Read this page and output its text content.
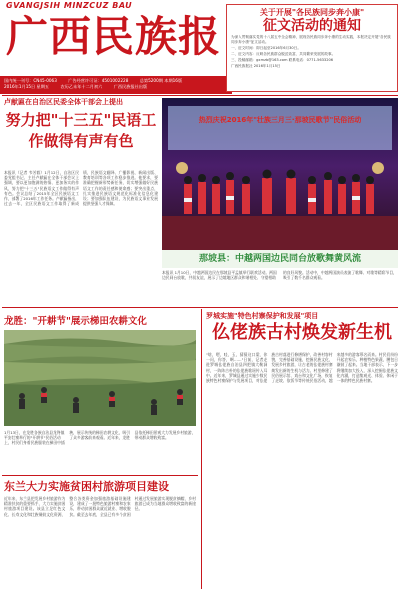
GVANGJSIH MINZCUZ BAU
广西民族报
国内统一刊号：CN45-0063	广告经营许可证：4501002228	总第5200期 本期16版
2016年1月15日 星期五	农历乙未年十二月初六	广西民族报社出版
关于开展"各民族同步奔小康"
征文活动的通知

为深入贯彻落实党的十八届五中全会精神，展现各民族同步奔小康的生动实践，本报决定开展"各民族同步奔小康"征文活动。

一、征文时间：即日起至2016年6月30日。

二、征文内容：反映各民族群众脱贫致富、共同繁荣发展的故事。

三、投稿邮箱：gxmzb@163.com 联系电话：0771-5633206

广西民族报社 2016年1月15日

卢献匾在自治区民委全体干部会上提出
努力把"十三五"民语工作做得有声有色
本报讯（记者 韦芳毅）1月12日，自治区民委党组书记、主任卢献匾在全体干部会议上强调，要以更加饱满的热情、更加务实的作风，努力把"十三五"民族语文工作做得有声有色。会议总结了2015年全区民族语文工作，部署了2016年工作任务。卢献匾指出，过去一年，全区民族语文工作取得了新成绩，民族语文翻译、广播影视、新闻出版、教育培训等各项工作稳步推进。他要求，要准确把握新形势新任务，切实增强做好民族语文工作的责任感和使命感；要突出重点，扎实推进民族语文规范化标准化信息化建设；要加强队伍建设，为民族语文事业发展提供坚强人才保障。
热烈庆祝2016年"壮族三月三·那坡民歌节"民俗活动
那坡县：中越两国边民同台放歌舞黄风流
本报讯 1月10日，中越两国边民在那坡县平孟镇举行联欢活动。两国边民同台放歌，共叙友谊，展示了边境地区群众和谐相处、守望相助的良好风貌。活动中，中越两国演员表演了歌舞、对歌等精彩节目，吸引了数千名群众观看。
龙胜："开耕节"展示梯田农耕文化
1月13日，在龙胜各族自治县龙脊镇平安壮寨举行的"开耕节"民俗活动上，村民们身着民族服装在梯田中插秧，展示传统的梯田农耕文化，吸引了众多游客前来观看。近年来，龙胜县依托梯田景观大力发展乡村旅游，带动群众增收致富。
罗城实施"特色村寨保护和发展"项目
仫佬族古村焕发新生机
"啥，嗯，哇，玉，猜猜这口梁，你一问，你答，啊……"日前，记者走进罗城仫佬族自治县四把镇大勒洞村，一阵阵古朴的仫佬族歌谣传入耳中。近年来，罗城县通过实施少数民族特色村寨保护与发展项目，对仫佬族古村落进行修缮保护，改善村容村貌，完善基础设施，挖掘民族文化，发展乡村旅游，让古老的仫佬族村寨焕发出新的生机与活力。村里修建了民俗展示馆、戏台和文化广场，恢复了走坡、依饭节等传统民俗活动，越来越多的游客慕名而来。村民们纷纷开起农家乐，种植特色果蔬，腰包日渐鼓了起来。当地干部表示，下一步将继续加大投入，深入挖掘仫佬族文化内涵，打造集观光、体验、休闲于一体的特色民族村寨。
东兰大力实施贫困村旅游项目建设
近年来，东兰县把发展乡村旅游作为精准扶贫的重要抓手，大力实施贫困村旅游项目建设。该县立足红色文化、长寿文化和壮族铜鼓文化资源，整合各类资金加强旅游基础设施建设，建成了一批特色旅游村寨和农家乐，带动贫困群众就近就业、增收脱贫。截至去年底，全县已有多个贫困村通过发展旅游实现脱贫摘帽，乡村旅游已成为当地群众增收致富的新途径。
